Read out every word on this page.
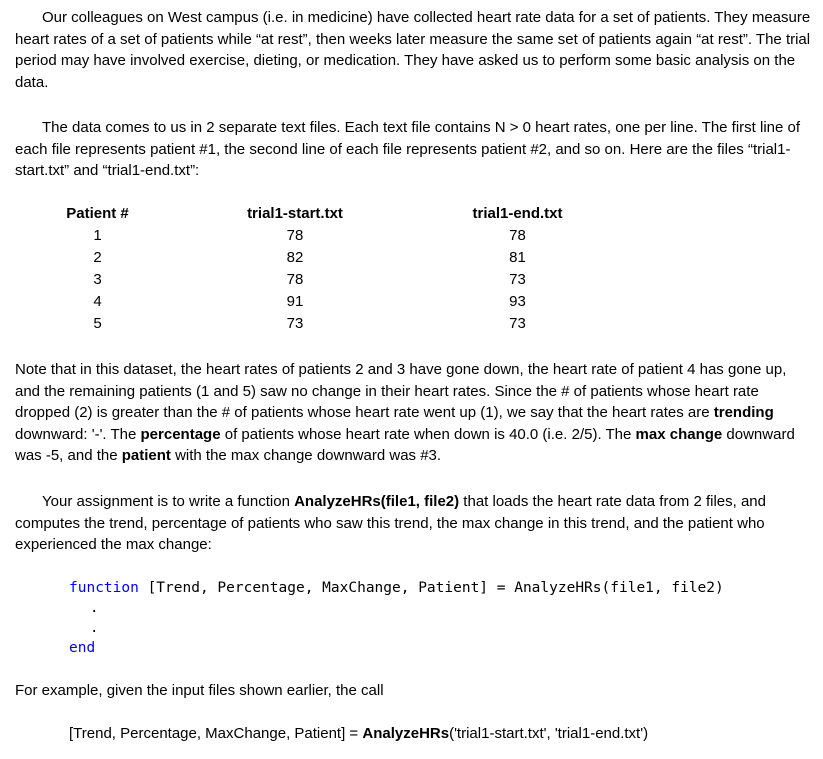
Our colleagues on West campus (i.e. in medicine) have collected heart rate data for a set of patients. They measure heart rates of a set of patients while “at rest”, then weeks later measure the same set of patients again “at rest”. The trial period may have involved exercise, dieting, or medication. They have asked us to perform some basic analysis on the data.

The data comes to us in 2 separate text files. Each text file contains N > 0 heart rates, one per line. The first line of each file represents patient #1, the second line of each file represents patient #2, and so on. Here are the files “trial1-start.txt” and “trial1-end.txt”:

Patient #	trial1-start.txt	trial1-end.txt
1	78	78
2	82	81
3	78	73
4	91	93
5	73	73

Note that in this dataset, the heart rates of patients 2 and 3 have gone down, the heart rate of patient 4 has gone up, and the remaining patients (1 and 5) saw no change in their heart rates. Since the # of patients whose heart rate dropped (2) is greater than the # of patients whose heart rate went up (1), we say that the heart rates are trending downward: '-'. The percentage of patients whose heart rate when down is 40.0 (i.e. 2/5). The max change downward was -5, and the patient with the max change downward was #3.

Your assignment is to write a function AnalyzeHRs(file1, file2) that loads the heart rate data from 2 files, and computes the trend, percentage of patients who saw this trend, the max change in this trend, and the patient who experienced the max change:

function [Trend, Percentage, MaxChange, Patient] = AnalyzeHRs(file1, file2)
.
.
end

For example, given the input files shown earlier, the call

[Trend, Percentage, MaxChange, Patient] = AnalyzeHRs('trial1-start.txt', 'trial1-end.txt')
